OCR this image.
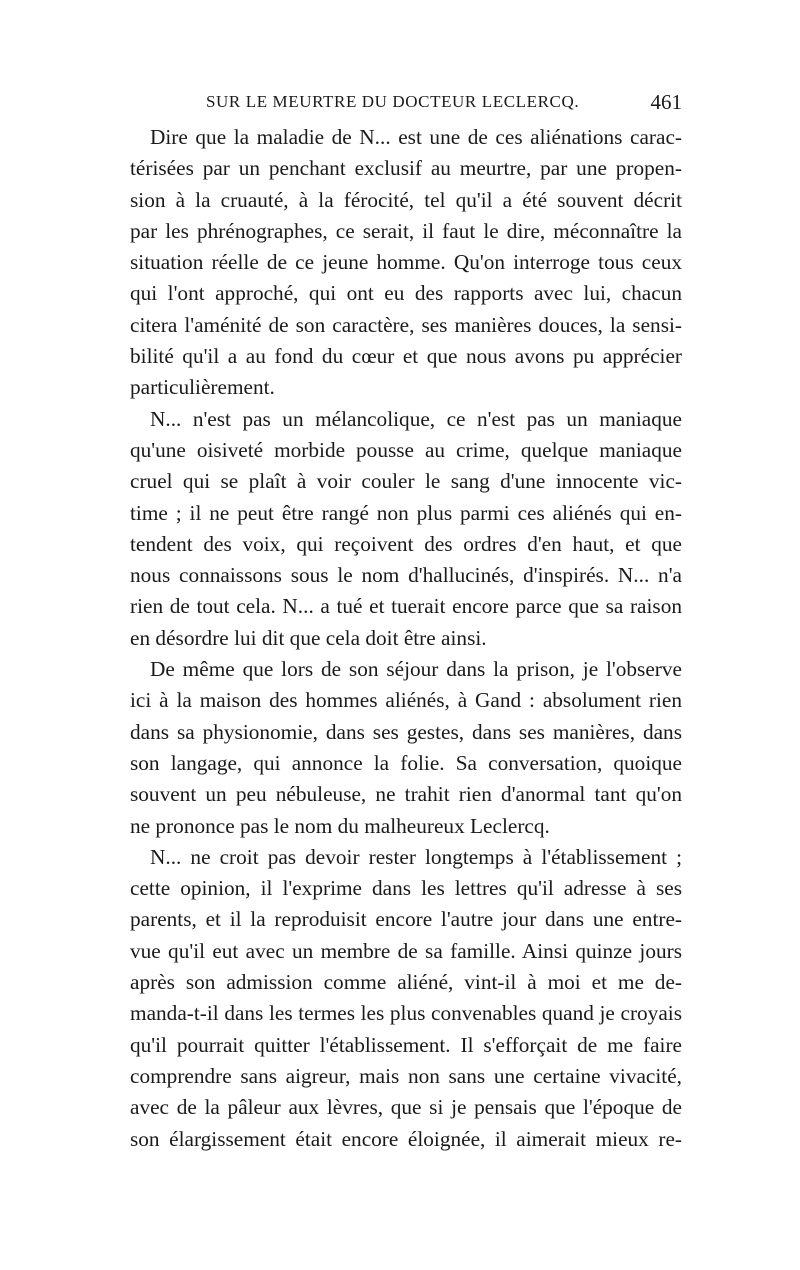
SUR LE MEURTRE DU DOCTEUR LECLERCQ.	461
Dire que la maladie de N... est une de ces aliénations carac-
térisées par un penchant exclusif au meurtre, par une propen-
sion à la cruauté, à la férocité, tel qu'il a été souvent décrit
par les phrénographes, ce serait, il faut le dire, méconnaître la
situation réelle de ce jeune homme. Qu'on interroge tous ceux
qui l'ont approché, qui ont eu des rapports avec lui, chacun
citera l'aménité de son caractère, ses manières douces, la sensi-
bilité qu'il a au fond du cœur et que nous avons pu apprécier
particulièrement.
N... n'est pas un mélancolique, ce n'est pas un maniaque
qu'une oisiveté morbide pousse au crime, quelque maniaque
cruel qui se plaît à voir couler le sang d'une innocente vic-
time ; il ne peut être rangé non plus parmi ces aliénés qui en-
tendent des voix, qui reçoivent des ordres d'en haut, et que
nous connaissons sous le nom d'hallucinés, d'inspirés. N... n'a
rien de tout cela. N... a tué et tuerait encore parce que sa raison
en désordre lui dit que cela doit être ainsi.
De même que lors de son séjour dans la prison, je l'observe
ici à la maison des hommes aliénés, à Gand : absolument rien
dans sa physionomie, dans ses gestes, dans ses manières, dans
son langage, qui annonce la folie. Sa conversation, quoique
souvent un peu nébuleuse, ne trahit rien d'anormal tant qu'on
ne prononce pas le nom du malheureux Leclercq.
N... ne croit pas devoir rester longtemps à l'établissement ;
cette opinion, il l'exprime dans les lettres qu'il adresse à ses
parents, et il la reproduisit encore l'autre jour dans une entre-
vue qu'il eut avec un membre de sa famille. Ainsi quinze jours
après son admission comme aliéné, vint-il à moi et me de-
manda-t-il dans les termes les plus convenables quand je croyais
qu'il pourrait quitter l'établissement. Il s'efforçait de me faire
comprendre sans aigreur, mais non sans une certaine vivacité,
avec de la pâleur aux lèvres, que si je pensais que l'époque de
son élargissement était encore éloignée, il aimerait mieux re-
